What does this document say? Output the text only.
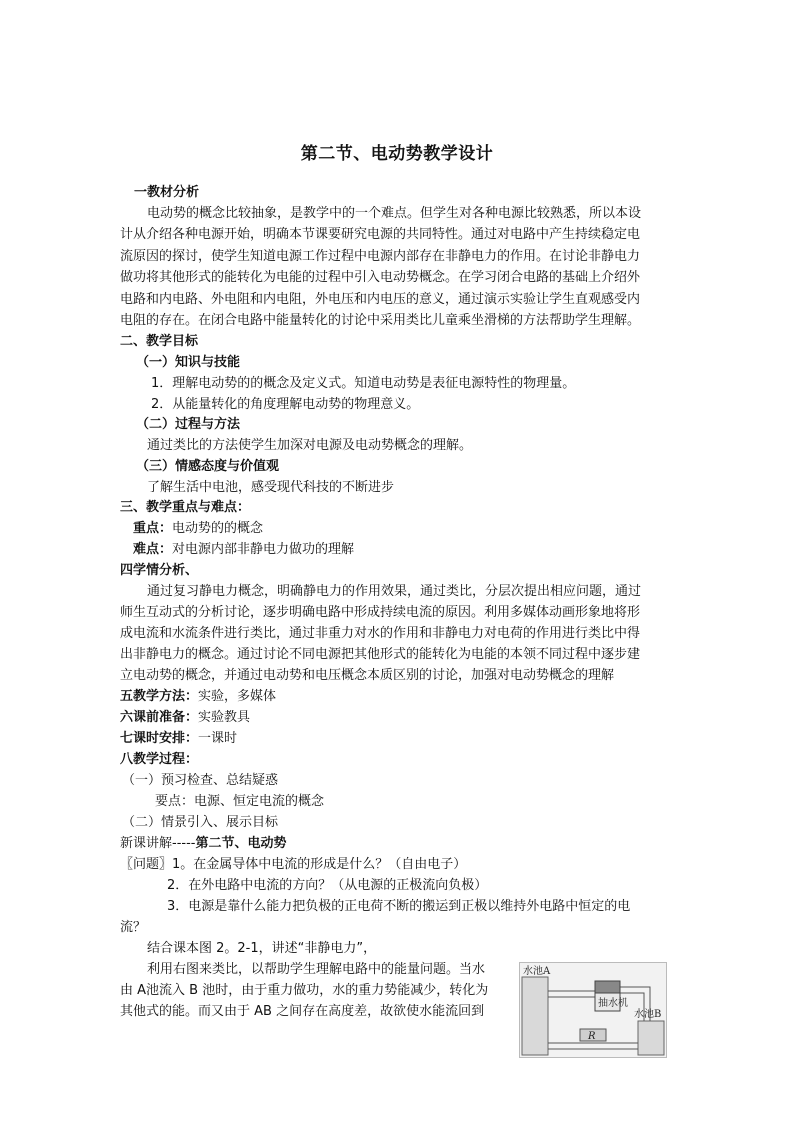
第二节、电动势教学设计
一教材分析
电动势的概念比较抽象，是教学中的一个难点。但学生对各种电源比较熟悉，所以本设
计从介绍各种电源开始，明确本节课要研究电源的共同特性。通过对电路中产生持续稳定电
流原因的探讨，使学生知道电源工作过程中电源内部存在非静电力的作用。在讨论非静电力
做功将其他形式的能转化为电能的过程中引入电动势概念。在学习闭合电路的基础上介绍外
电路和内电路、外电阻和内电阻，外电压和内电压的意义，通过演示实验让学生直观感受内
电阻的存在。在闭合电路中能量转化的讨论中采用类比儿童乘坐滑梯的方法帮助学生理解。
二、教学目标
（一）知识与技能
1．理解电动势的的概念及定义式。知道电动势是表征电源特性的物理量。
2．从能量转化的角度理解电动势的物理意义。
（二）过程与方法
通过类比的方法使学生加深对电源及电动势概念的理解。
（三）情感态度与价值观
了解生活中电池，感受现代科技的不断进步
三、教学重点与难点：
重点：电动势的的概念
难点：对电源内部非静电力做功的理解
四学情分析、
通过复习静电力概念，明确静电力的作用效果，通过类比，分层次提出相应问题，通过
师生互动式的分析讨论，逐步明确电路中形成持续电流的原因。利用多媒体动画形象地将形
成电流和水流条件进行类比，通过非重力对水的作用和非静电力对电荷的作用进行类比中得
出非静电力的概念。通过讨论不同电源把其他形式的能转化为电能的本领不同过程中逐步建
立电动势的概念，并通过电动势和电压概念本质区别的讨论，加强对电动势概念的理解
五教学方法：实验，多媒体
六课前准备：实验教具
七课时安排：一课时
八教学过程：
（一）预习检查、总结疑惑
要点：电源、恒定电流的概念
（二）情景引入、展示目标
新课讲解-----第二节、电动势
〖问题〗1。在金属导体中电流的形成是什么？（自由电子）
2．在外电路中电流的方向？（从电源的正极流向负极）
3．电源是靠什么能力把负极的正电荷不断的搬运到正极以维持外电路中恒定的电
流？
结合课本图 2。2-1，讲述“非静电力”，
利用右图来类比，以帮助学生理解电路中的能量问题。当水
由 A池流入 B 池时，由于重力做功，水的重力势能减少，转化为
其他式的能。而又由于 AB 之间存在高度差，故欲使水能流回到
水池A
抽水机
水池B
R
